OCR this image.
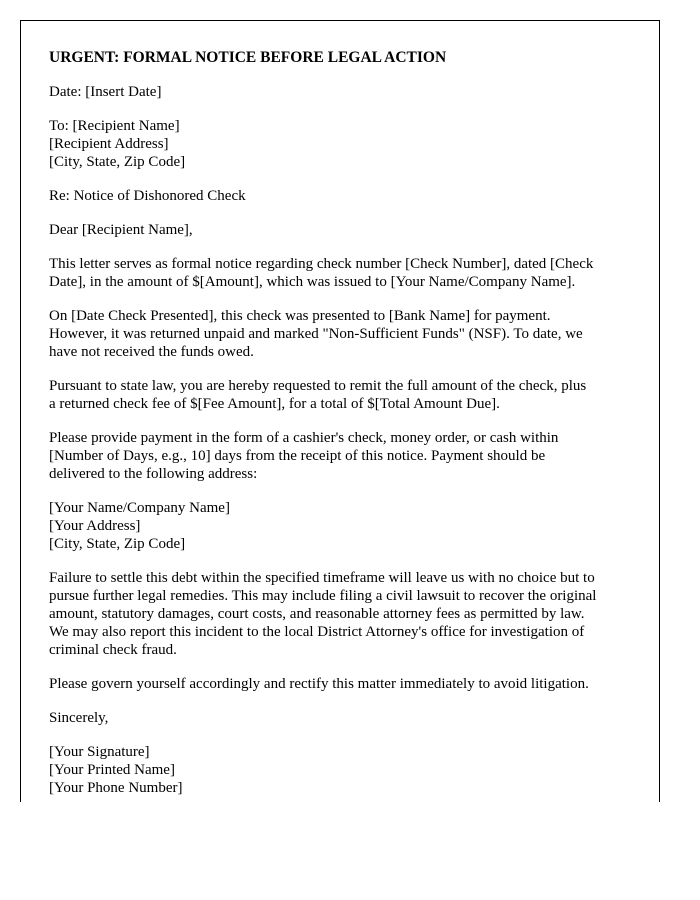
URGENT: FORMAL NOTICE BEFORE LEGAL ACTION
Date: [Insert Date]
To: [Recipient Name]
[Recipient Address]
[City, State, Zip Code]
Re: Notice of Dishonored Check
Dear [Recipient Name],
This letter serves as formal notice regarding check number [Check Number], dated [Check
Date], in the amount of $[Amount], which was issued to [Your Name/Company Name].
On [Date Check Presented], this check was presented to [Bank Name] for payment.
However, it was returned unpaid and marked "Non-Sufficient Funds" (NSF). To date, we
have not received the funds owed.
Pursuant to state law, you are hereby requested to remit the full amount of the check, plus
a returned check fee of $[Fee Amount], for a total of $[Total Amount Due].
Please provide payment in the form of a cashier's check, money order, or cash within
[Number of Days, e.g., 10] days from the receipt of this notice. Payment should be
delivered to the following address:
[Your Name/Company Name]
[Your Address]
[City, State, Zip Code]
Failure to settle this debt within the specified timeframe will leave us with no choice but to
pursue further legal remedies. This may include filing a civil lawsuit to recover the original
amount, statutory damages, court costs, and reasonable attorney fees as permitted by law.
We may also report this incident to the local District Attorney's office for investigation of
criminal check fraud.
Please govern yourself accordingly and rectify this matter immediately to avoid litigation.
Sincerely,
[Your Signature]
[Your Printed Name]
[Your Phone Number]
